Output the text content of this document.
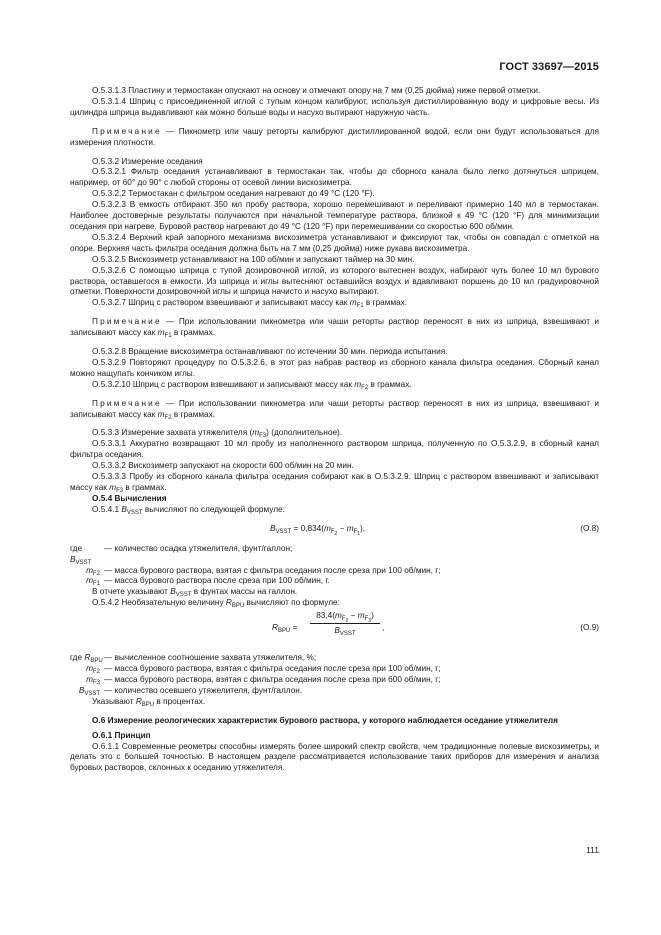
ГОСТ 33697—2015

О.5.3.1.3 Пластину и термостакан опускают на основу и отмечают опору на 7 мм (0,25 дюйма) ниже первой отметки.

О.5.3.1.4 Шприц с присоединенной иглой с тупым концом калибруют, используя дистиллированную воду и цифровые весы. Из цилиндра шприца выдавливают как можно больше воды и насухо вытирают наружную часть.

Примечание — Пикнометр или чашу реторты калибруют дистиллированной водой, если они будут использоваться для измерения плотности.

О.5.3.2 Измерение оседания

О.5.3.2.1 Фильтр оседания устанавливают в термостакан так, чтобы до сборного канала было легко дотянуться шприцем, например, от 60° до 90° с любой стороны от осевой линии вискозиметра.

О.5.3.2.2 Термостакан с фильтром оседания нагревают до 49 °С (120 °F).

О.5.3.2.3 В емкость отбирают 350 мл пробу раствора, хорошо перемешивают и переливают примерно 140 мл в термостакан. Наиболее достоверные результаты получаются при начальной температуре раствора, близкой к 49 °С (120 °F) для минимизации оседания при нагреве. Буровой раствор нагревают до 49 °С (120 °F) при перемешивании со скоростью 600 об/мин.

О.5.3.2.4 Верхний край запорного механизма вискозиметра устанавливают и фиксируют так, чтобы он совпадал с отметкой на опоре. Верхняя часть фильтра оседания должна быть на 7 мм (0,25 дюйма) ниже рукава вискозиметра.

О.5.3.2.5 Вискозиметр устанавливают на 100 об/мин и запускают таймер на 30 мин.

О.5.3.2.6 С помощью шприца с тупой дозировочной иглой, из которого вытеснен воздух, набирают чуть более 10 мл бурового раствора, оставшегося в емкости. Из шприца и иглы вытесняют оставшийся воздух и вдавливают поршень до 10 мл градуировочной отметки. Поверхности дозировочной иглы и шприца начисто и насухо вытирают.

О.5.3.2.7 Шприц с раствором взвешивают и записывают массу как $m_{F1}$ в граммах.

Примечание — При использовании пикнометра или чаши реторты раствор переносят в них из шприца, взвешивают и записывают массу как $m_{F1}$ в граммах.

О.5.3.2.8 Вращение вискозиметра останавливают по истечении 30 мин. периода испытания.

О.5.3.2.9 Повторяют процедуру по О.5.3.2.6, в этот раз набрав раствор из сборного канала фильтра оседания. Сборный канал можно нащупать кончиком иглы.

О.5.3.2.10 Шприц с раствором взвешивают и записывают массу как $m_{F2}$ в граммах.

Примечание — При использовании пикнометра или чаши реторты раствор переносят в них из шприца, взвешивают и записывают массу как $m_{F2}$ в граммах.

О.5.3.3 Измерение захвата утяжелителя $(m_{F3})$ (дополнительное).

О.5.3.3.1 Аккуратно возвращают 10 мл пробу из наполненного раствором шприца, полученную по О.5.3.2.9, в сборный канал фильтра оседания.

О.5.3.3.2 Вискозиметр запускают на скорости 600 об/мин на 20 мин.

О.5.3.3.3 Пробу из сборного канала фильтра оседания собирают как в О.5.3.2.9. Шприц с раствором взвешивают и записывают массу как $m_{F3}$ в граммах.

О.5.4 Вычисления

О.5.4.1 $B_{VSST}$ вычисляют по следующей формуле:

$B_{VSST} = 0,834(m_{F_2} - m_{F_1})$,	(О.8)
где $B_{VSST}$
— количество осадка утяжелителя, фунт/галлон;
$m_{F2}$ — масса бурового раствора, взятая с фильтра оседания после среза при 100 об/мин, г;
$m_{F1}$ — масса бурового раствора после среза при 100 об/мин, г.

В отчете указывают $B_{VSST}$ в фунтах массы на галлон.

О.5.4.2 Необязательную величину $R_{BPU}$ вычисляют по формуле:

$R_{BPU}$ =
$83,4(m_{F_2} - m_{F_3})$
$B_{VSST}$
,	(О.9)
где $R_{BPU}$ — вычисленное соотношение захвата утяжелителя, %;
$m_{F2}$ — масса бурового раствора, взятая с фильтра оседания после среза при 100 об/мин, г;
$m_{F3}$ — масса бурового раствора, взятая с фильтра оседания после среза при 600 об/мин, г;
$B_{VSST}$ — количество осевшего утяжелителя, фунт/галлон.

Указывают $R_{BPU}$ в процентах.

О.6 Измерение реологических характеристик бурового раствора, у которого наблюдается оседание утяжелителя

О.6.1 Принцип

О.6.1.1 Современные реометры способны измерять более широкий спектр свойств, чем традиционные полевые вискозиметры, и делать это с большей точностью. В настоящем разделе рассматривается использование таких приборов для измерения и анализа буровых растворов, склонных к оседанию утяжелителя.

111
